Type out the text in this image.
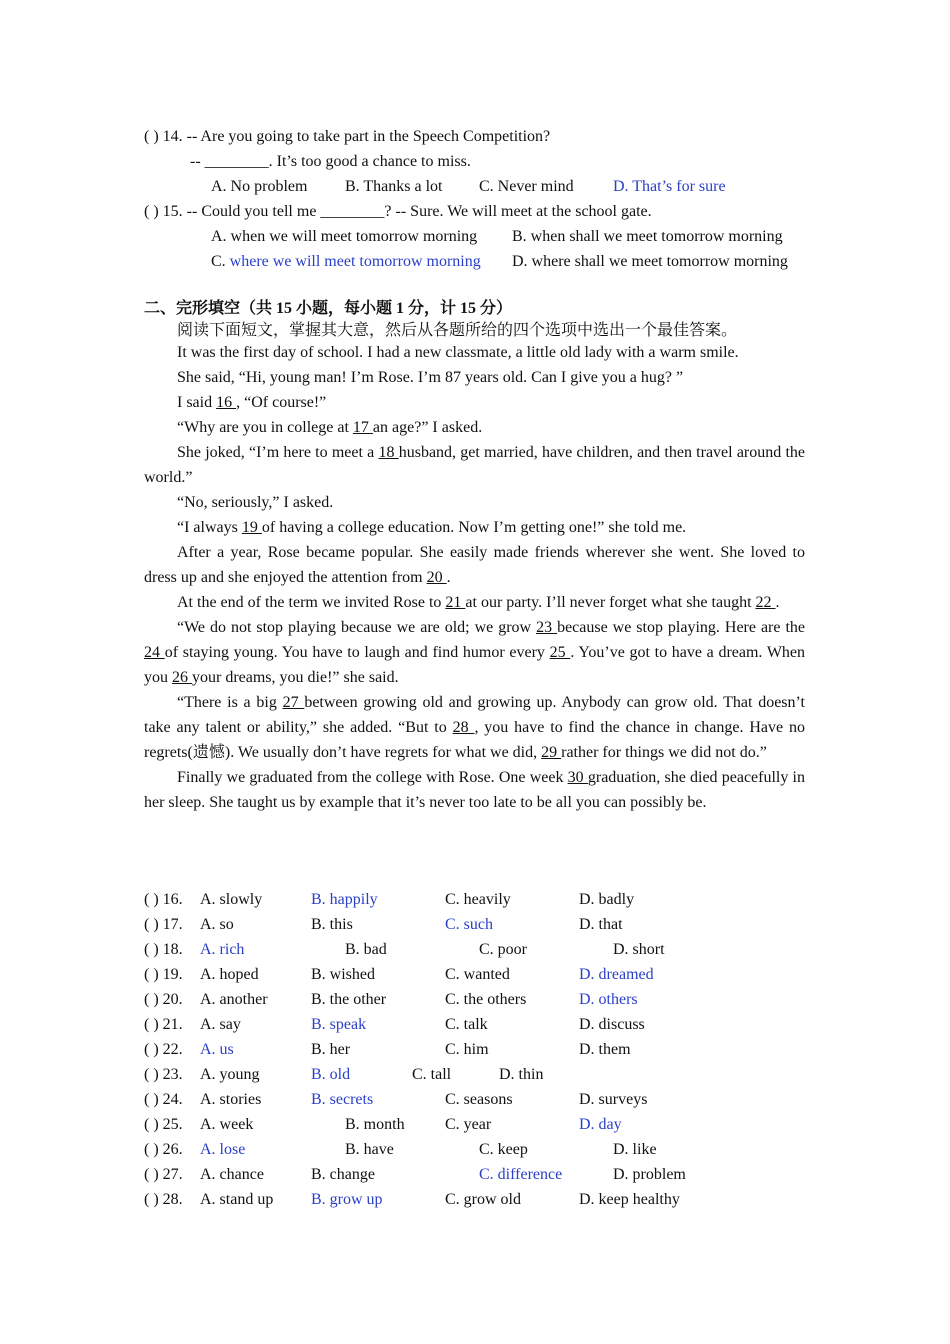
( ) 14. -- Are you going to take part in the Speech Competition?
-- ________. It’s too good a chance to miss.
A. No problem B. Thanks a lot C. Never mind D. That’s for sure
( ) 15. -- Could you tell me ________? -- Sure. We will meet at the school gate.
A. when we will meet tomorrow morning B. when shall we meet tomorrow morning
C. where we will meet tomorrow morning D. where shall we meet tomorrow morning
二、完形填空（共 15 小题，每小题 1 分，计 15 分）
阅读下面短文，掌握其大意，然后从各题所给的四个选项中选出一个最佳答案。

It was the first day of school. I had a new classmate, a little old lady with a warm smile.

She said, “Hi, young man! I’m Rose. I’m 87 years old. Can I give you a hug? ”

I said 16 , “Of course!”

“Why are you in college at 17 an age?” I asked.

She joked, “I’m here to meet a 18 husband, get married, have children, and then travel around the world.”

“No, seriously,” I asked.

“I always 19 of having a college education. Now I’m getting one!” she told me.

After a year, Rose became popular. She easily made friends wherever she went. She loved to dress up and she enjoyed the attention from 20 .

At the end of the term we invited Rose to 21 at our party. I’ll never forget what she taught 22 .

“We do not stop playing because we are old; we grow 23 because we stop playing. Here are the 24 of staying young. You have to laugh and find humor every 25 . You’ve got to have a dream. When you 26 your dreams, you die!” she said.

“There is a big 27 between growing old and growing up. Anybody can grow old. That doesn’t take any talent or ability,” she added. “But to 28 , you have to find the chance in change. Have no regrets(遗憾). We usually don’t have regrets for what we did, 29 rather for things we did not do.”

Finally we graduated from the college with Rose. One week 30 graduation, she died peacefully in her sleep. She taught us by example that it’s never too late to be all you can possibly be.

( ) 16. A. slowly	B. happily	C. heavily	D. badly
( ) 17. A. so	B. this	C. such	D. that
( ) 18. A. rich	B. bad	C. poor	D. short
( ) 19. A. hoped	B. wished	C. wanted	D. dreamed
( ) 20. A. another	B. the other	C. the others	D. others
( ) 21. A. say	B. speak	C. talk	D. discuss
( ) 22. A. us	B. her	C. him	D. them
( ) 23. A. young	B. old	C. tall	D. thin
( ) 24. A. stories	B. secrets	C. seasons	D. surveys
( ) 25. A. week	B. month	C. year	D. day
( ) 26. A. lose	B. have	C. keep	D. like
( ) 27. A. chance	B. change	C. difference	D. problem
( ) 28. A. stand up B. grow up	C. grow old	D. keep healthy
